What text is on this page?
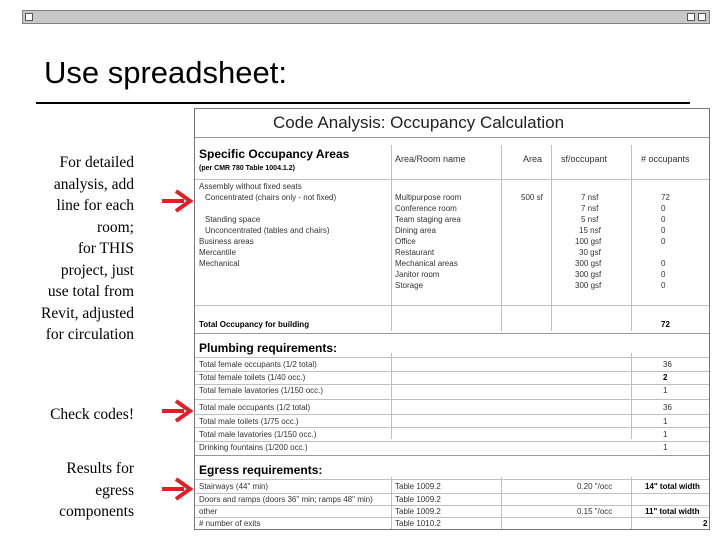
Use spreadsheet:
For detailed
analysis, add
line for each
room;
for THIS
project, just
use total from
Revit, adjusted
for circulation
Check codes!
Results for
egress
components
Code Analysis: Occupancy Calculation
Specific Occupancy Areas
(per CMR 780 Table 1004.1.2)
Area/Room name	Area sf/occupant	# occupants
Assembly without fixed seats
Concentrated (chairs only - not fixed)	Multipurpose room	500 sf	7 nsf	72
Conference room	7 nsf	0
Standing space	Team staging area	5 nsf	0
Unconcentrated (tables and chairs)	Dining area	15 nsf	0
Business areas	Office	100 gsf	0
Mercantile	Restaurant	30 gsf
Mechanical	Mechanical areas	300 gsf	0
Janitor room	300 gsf	0
Storage	300 gsf	0
Total Occupancy for building	72
Plumbing requirements:
Total female occupants (1/2 total)	36
Total female toilets (1/40 occ.)	2
Total female lavatories (1/150 occ.)	1
Total male occupants (1/2 total)	36
Total male toilets (1/75 occ.)	1
Total male lavatories (1/150 occ.)	1
Drinking fountains (1/200 occ.)	1
Egress requirements:
Stairways (44" min)	Table 1009.2	0.20 "/occ	14" total width
Doors and ramps (doors 36" min; ramps 48" min)	Table 1009.2
other	Table 1009.2	0.15 "/occ	11" total width
# number of exits	Table 1010.2	2
